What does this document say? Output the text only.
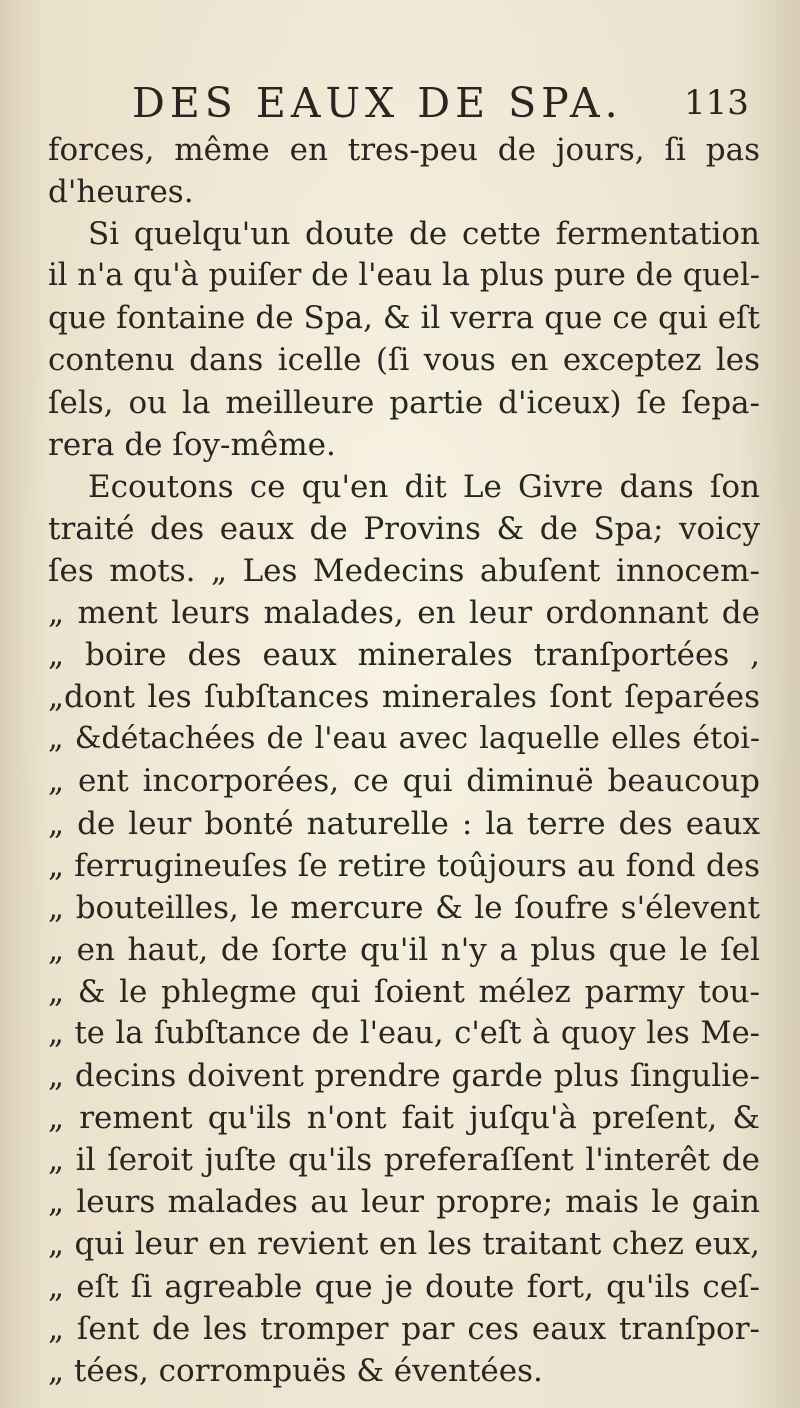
DES EAUX DE SPA. 113
forces, même en tres-peu de jours, ſi pas
d'heures.
Si quelqu'un doute de cette fermentation
il n'a qu'à puiſer de l'eau la plus pure de quel-
que fontaine de Spa, & il verra que ce qui eſt
contenu dans icelle (ſi vous en exceptez les
ſels, ou la meilleure partie d'iceux) ſe ſepa-
rera de ſoy-même.
Ecoutons ce qu'en dit Le Givre dans ſon
traité des eaux de Provins & de Spa; voicy
ſes mots. „ Les Medecins abuſent innocem-
„ ment leurs malades, en leur ordonnant de
„ boire des eaux minerales tranſportées ,
„dont les ſubſtances minerales ſont ſeparées
„ &détachées de l'eau avec laquelle elles étoi-
„ ent incorporées, ce qui diminuë beaucoup
„ de leur bonté naturelle : la terre des eaux
„ ferrugineuſes ſe retire toûjours au fond des
„ bouteilles, le mercure & le ſoufre s'élevent
„ en haut, de ſorte qu'il n'y a plus que le ſel
„ & le phlegme qui ſoient mélez parmy tou-
„ te la ſubſtance de l'eau, c'eſt à quoy les Me-
„ decins doivent prendre garde plus ſingulie-
„ rement qu'ils n'ont fait juſqu'à preſent, &
„ il ſeroit juſte qu'ils preferaſſent l'interêt de
„ leurs malades au leur propre; mais le gain
„ qui leur en revient en les traitant chez eux,
„ eſt ſi agreable que je doute fort, qu'ils ceſ-
„ ſent de les tromper par ces eaux tranſpor-
„ tées, corrompuës & éventées.
